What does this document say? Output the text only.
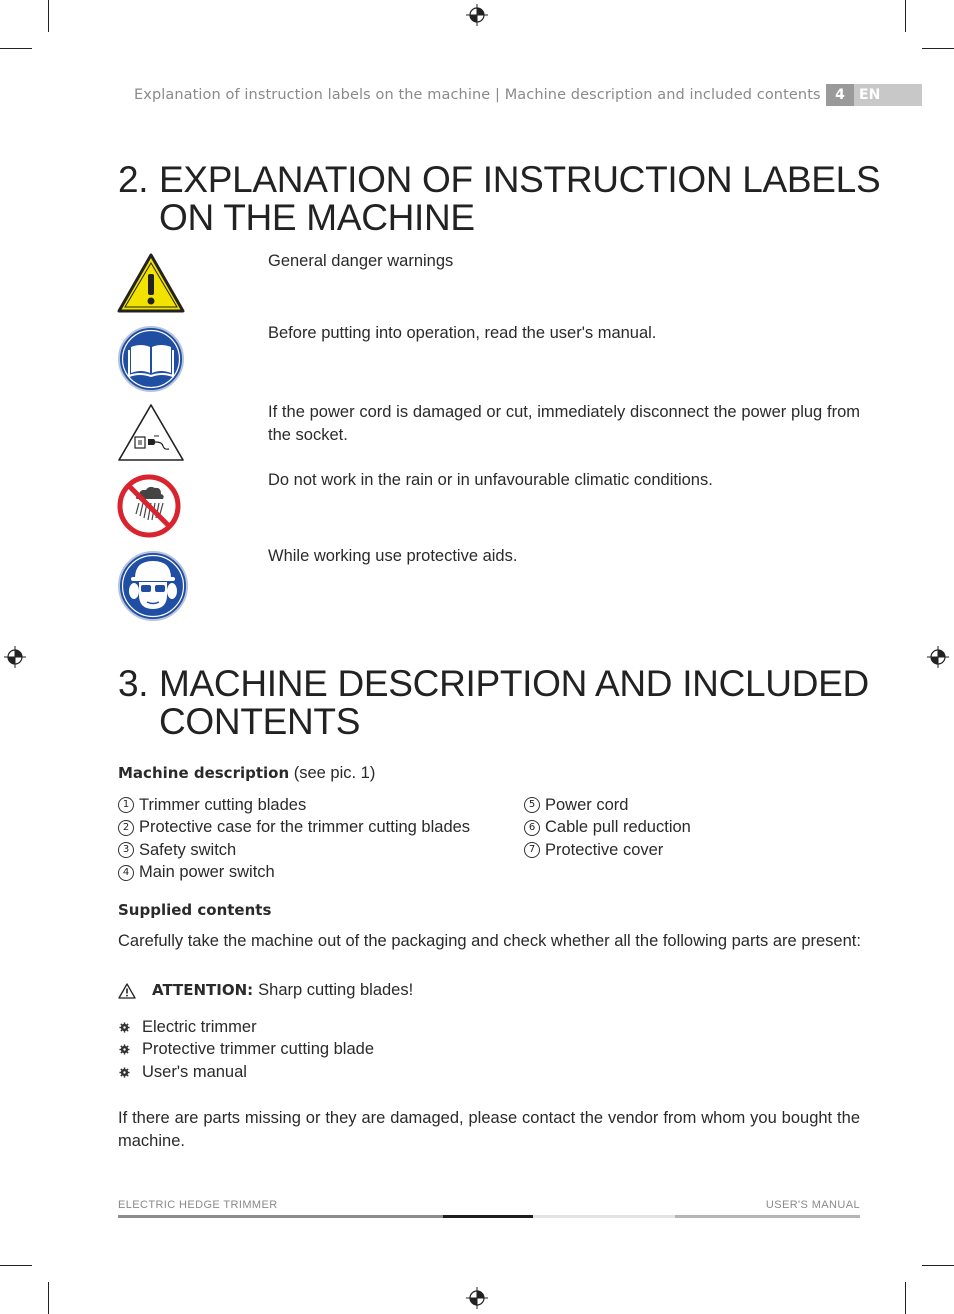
Explanation of instruction labels on the machine | Machine description and included contents	4	EN
2. EXPLANATION OF INSTRUCTION LABELS
ON THE MACHINE
General danger warnings
Before putting into operation, read the user's manual.
If the power cord is damaged or cut, immediately disconnect the power plug from the socket.
Do not work in the rain or in unfavourable climatic conditions.
While working use protective aids.
3. MACHINE DESCRIPTION AND INCLUDED
CONTENTS
Machine description (see pic. 1)
1 Trimmer cutting blades
2 Protective case for the trimmer cutting blades
3 Safety switch
4 Main power switch
5 Power cord
6 Cable pull reduction
7 Protective cover
Supplied contents
Carefully take the machine out of the packaging and check whether all the following parts are present:
ATTENTION: Sharp cutting blades!
Electric trimmer
Protective trimmer cutting blade
User's manual
If there are parts missing or they are damaged, please contact the vendor from whom you bought the machine.
ELECTRIC HEDGE TRIMMER	USER'S MANUAL
